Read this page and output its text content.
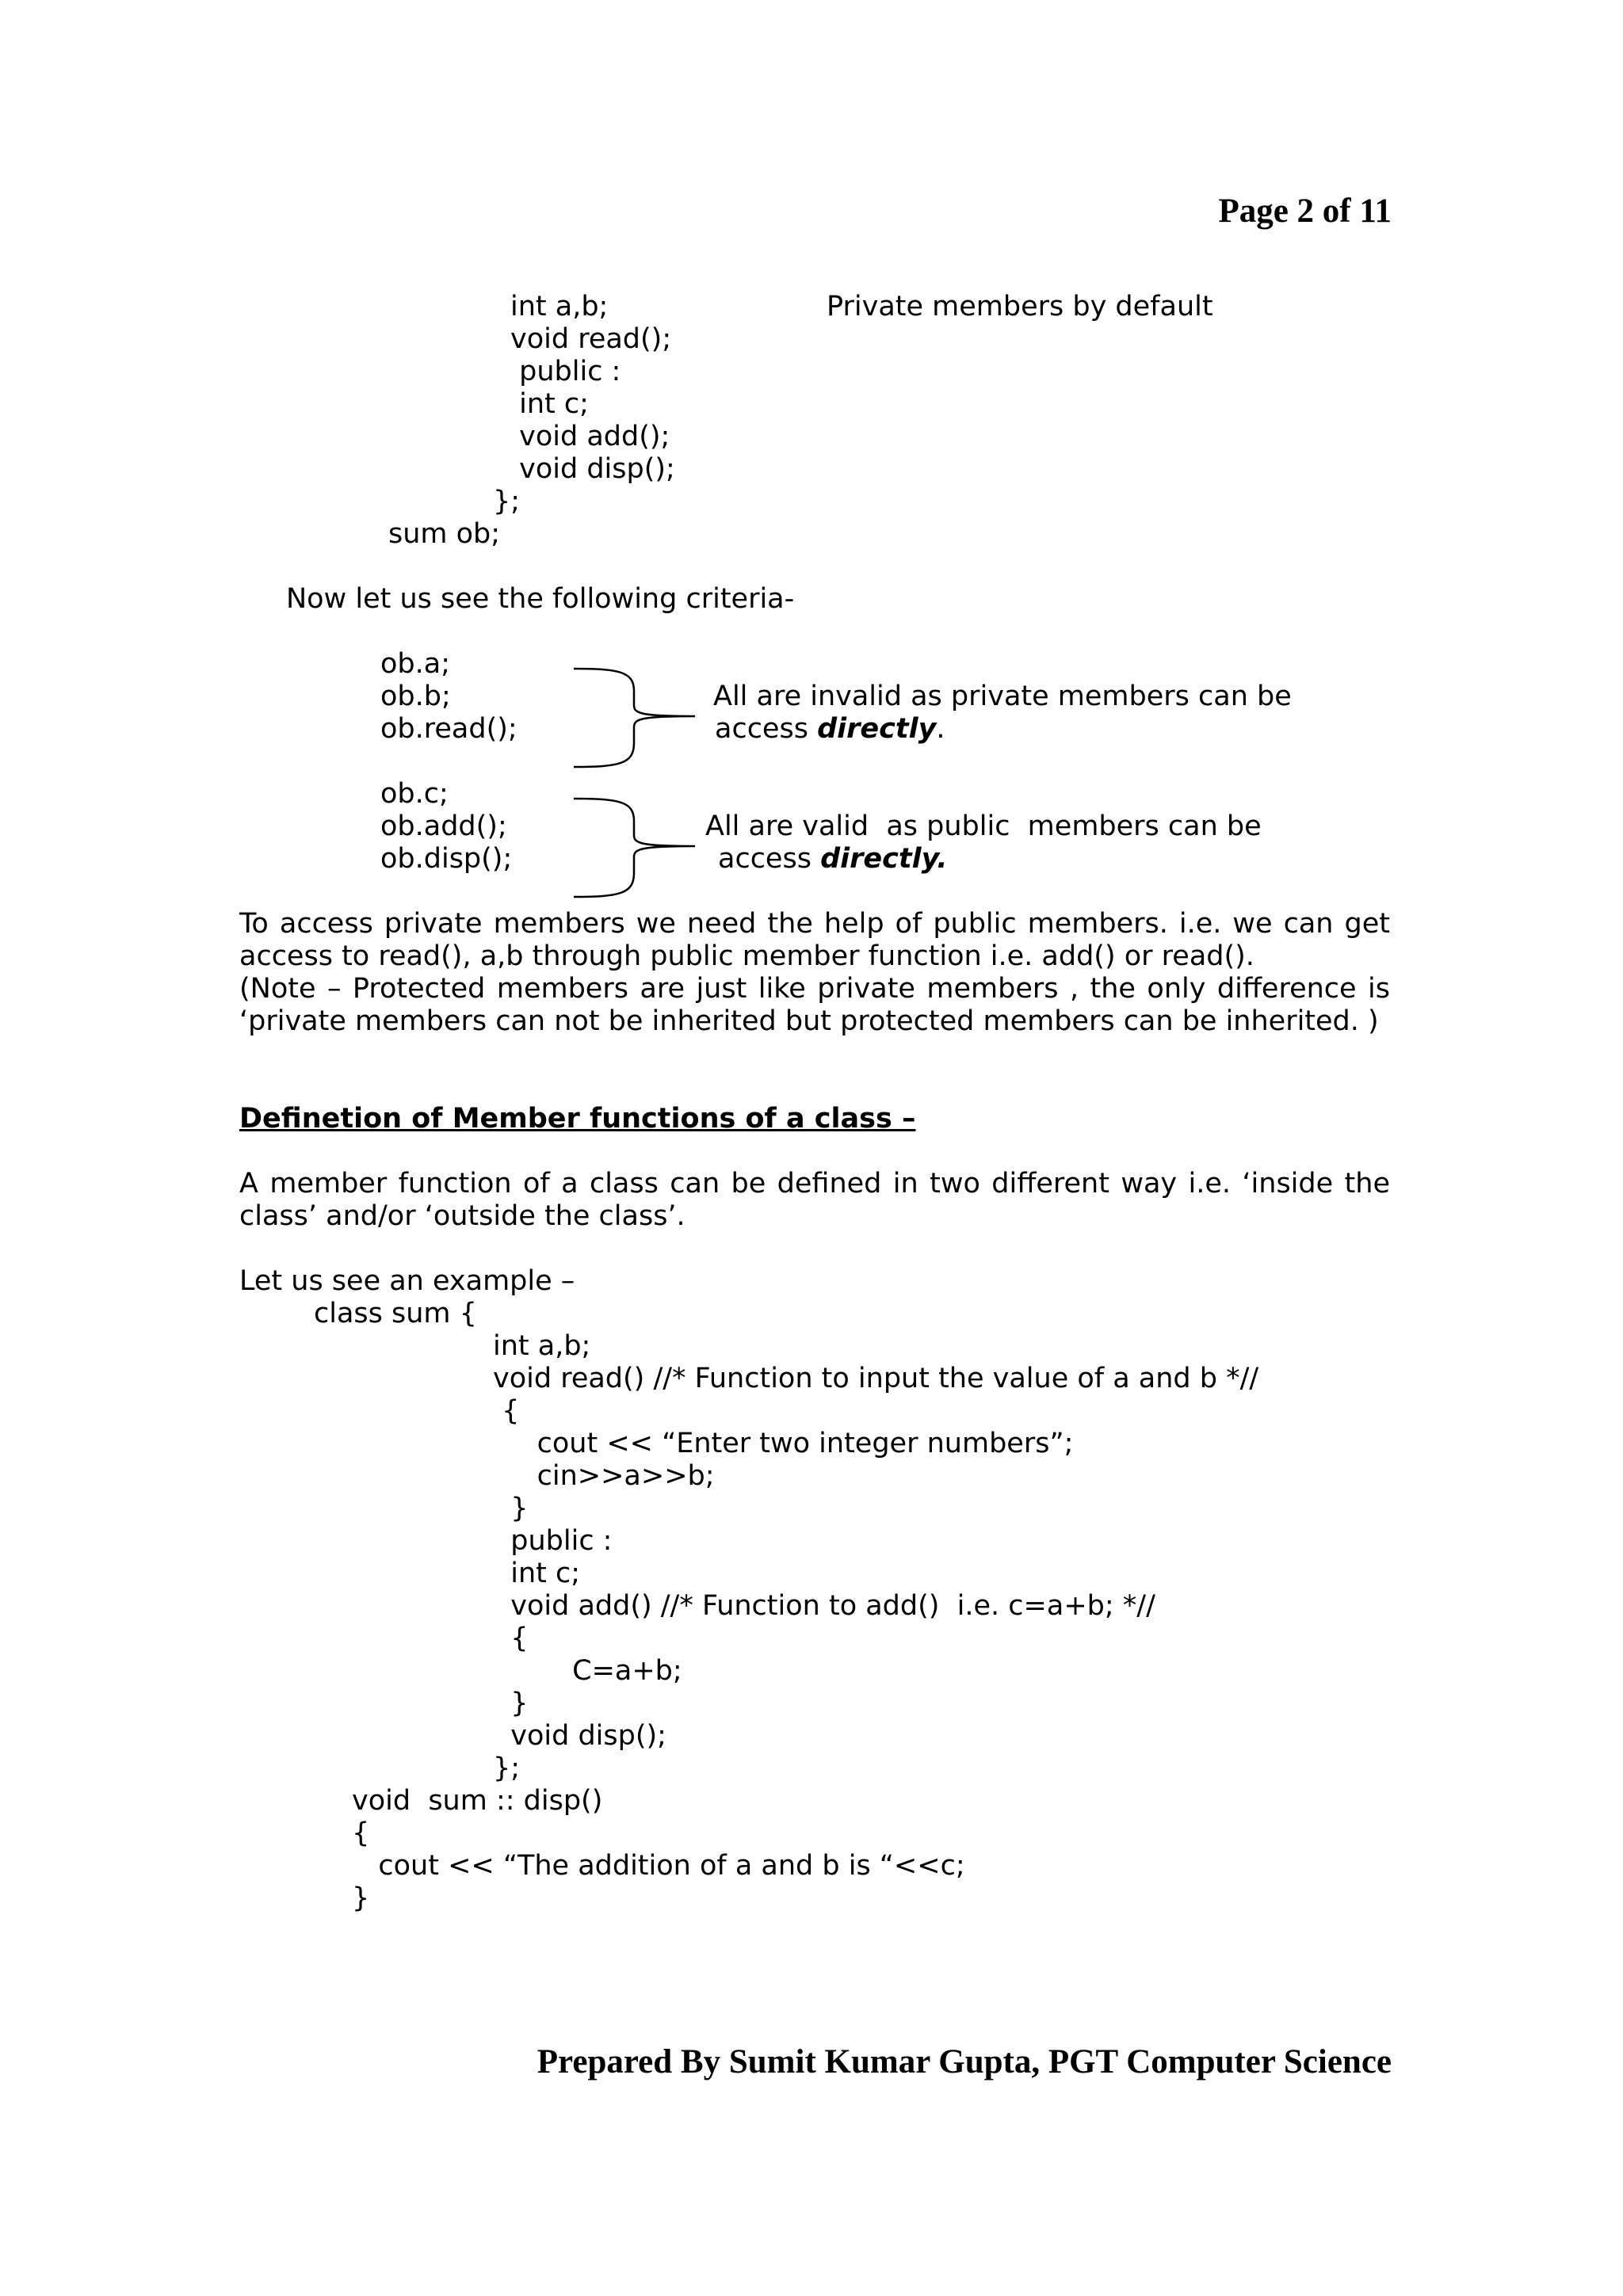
Page 2 of 11
int a,b;
void read();
public :
int c;
void add();
void disp();
};
Private members by default
sum ob;
Now let us see the following criteria-
ob.a;
ob.b;
ob.read();
All are invalid as private members can be
access directly.
ob.c;
ob.add();
ob.disp();
All are valid  as public  members can be
access directly.
To access private members we need the help of public members. i.e. we can get access to read(), a,b through public member function i.e. add() or read().
(Note – Protected members are just like private members , the only difference is ‘private members can not be inherited but protected members can be inherited. )
Definetion of Member functions of a class –
A member function of a class can be defined in two different way i.e. ‘inside the class’ and/or ‘outside the class’.
Let us see an example –
class sum {
int a,b;
void read() //* Function to input the value of a and b *//
{
cout << “Enter two integer numbers”;
cin>>a>>b;
}
public :
int c;
void add() //* Function to add()  i.e. c=a+b; *//
{
C=a+b;
}
void disp();
};
void  sum :: disp()
{
cout << “The addition of a and b is “<<c;
}
Prepared By Sumit Kumar Gupta, PGT Computer Science
